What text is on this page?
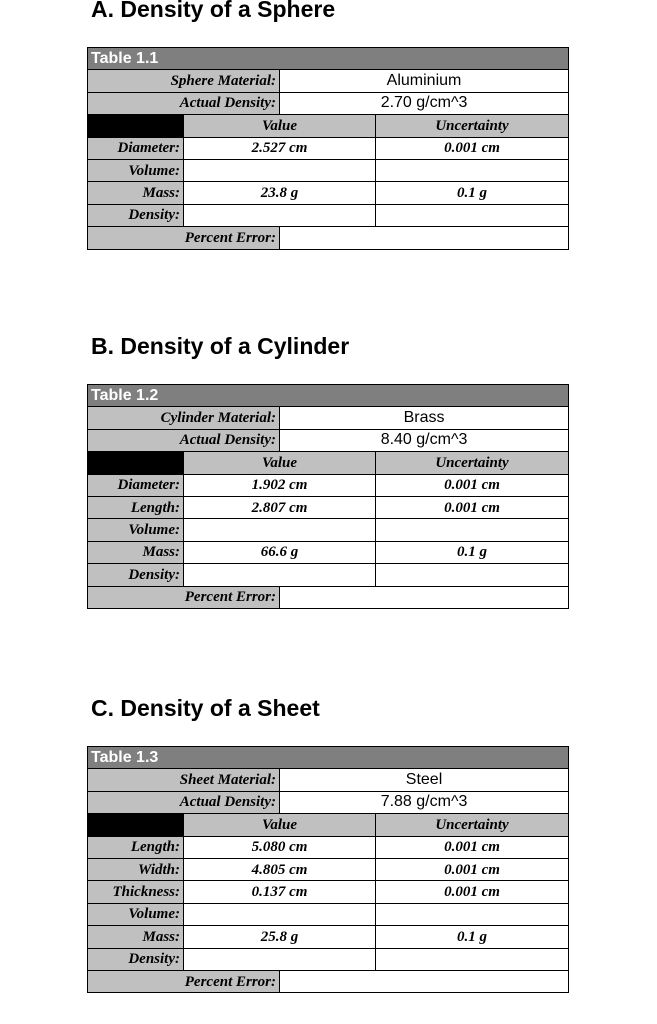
A. Density of a Sphere
Table 1.1			
Sphere Material:		Aluminium	
Actual Density:		2.70 g/cm^3	
	Value		Uncertainty
Diameter:	2.527 cm		0.001 cm
Volume:			
Mass:	23.8 g		0.1 g
Density:			
Percent Error:			
B. Density of a Cylinder
Table 1.2			
Cylinder Material:		Brass	
Actual Density:		8.40 g/cm^3	
	Value		Uncertainty
Diameter:	1.902 cm		0.001 cm
Length:	2.807 cm		0.001 cm
Volume:			
Mass:	66.6 g		0.1 g
Density:			
Percent Error:			
C. Density of a Sheet
Table 1.3			
Sheet Material:		Steel	
Actual Density:		7.88 g/cm^3	
	Value		Uncertainty
Length:	5.080 cm		0.001 cm
Width:	4.805 cm		0.001 cm
Thickness:	0.137 cm		0.001 cm
Volume:			
Mass:	25.8 g		0.1 g
Density:			
Percent Error:			
